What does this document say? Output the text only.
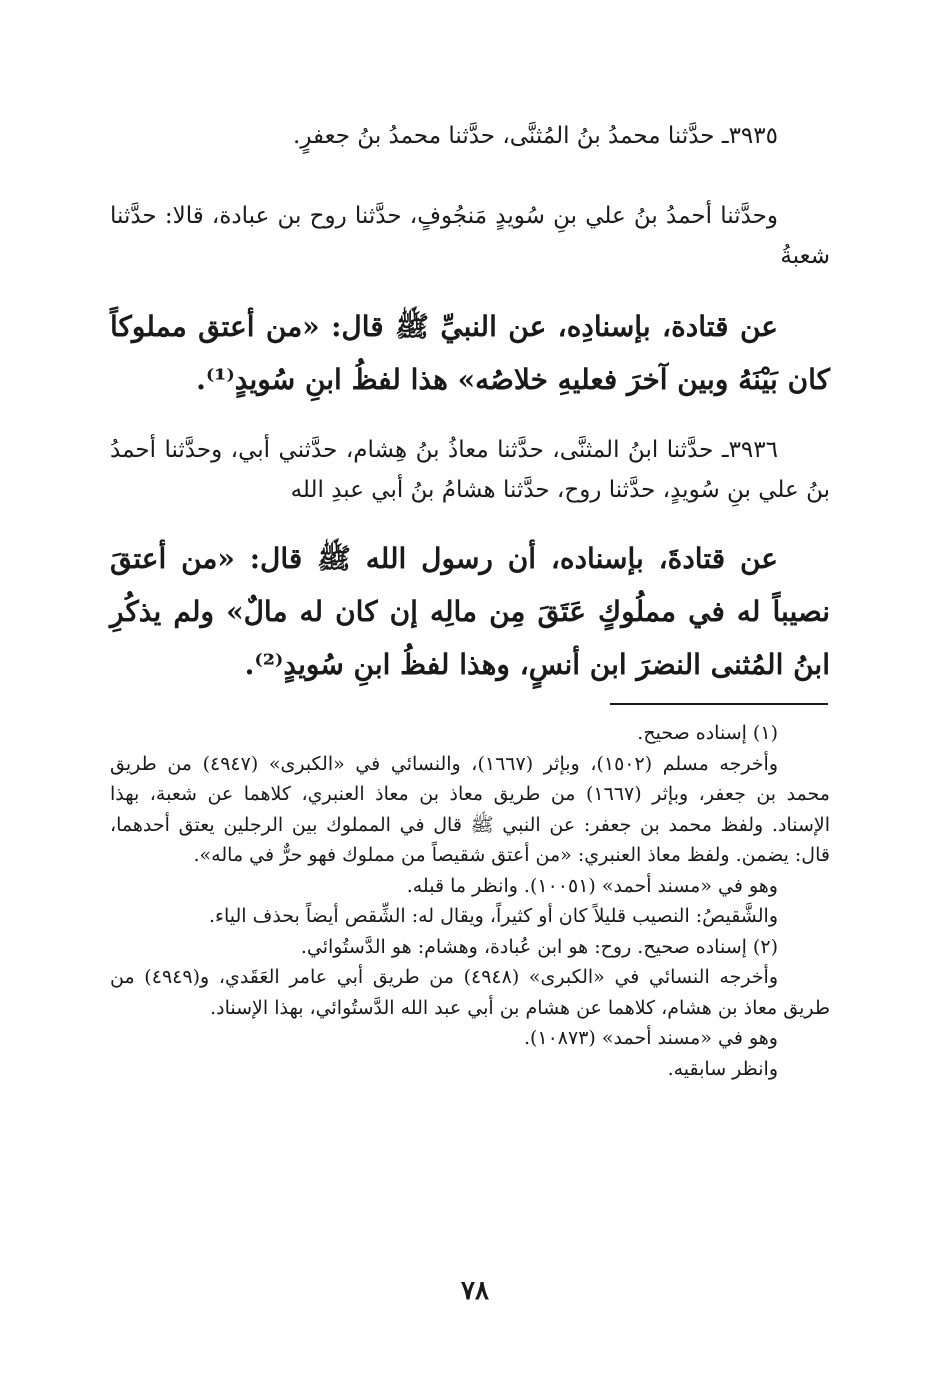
٣٩٣٥ـ حدَّثنا محمدُ بنُ المُثنَّى، حدَّثنا محمدُ بنُ جعفرٍ.

وحدَّثنا أحمدُ بنُ علي بنِ سُويدٍ مَنجُوفٍ، حدَّثنا روح بن عبادة، قالا: حدَّثنا شعبةُ

عن قتادة، بإسنادِه، عن النبيِّ ﷺ قال: «من أعتق مملوكاً كان بَيْنَهُ وبين آخرَ فعليهِ خلاصُه» هذا لفظُ ابنِ سُويدٍ⁽¹⁾.

٣٩٣٦ـ حدَّثنا ابنُ المثنَّى، حدَّثنا معاذُ بنُ هِشام، حدَّثني أبي، وحدَّثنا أحمدُ بنُ علي بنِ سُويدٍ، حدَّثنا روح، حدَّثنا هشامُ بنُ أبي عبدِ الله

عن قتادةَ، بإسناده، أن رسول الله ﷺ قال: «من أعتقَ نصيباً له في مملُوكٍ عَتَقَ مِن مالِه إن كان له مالٌ» ولم يذكُرِ ابنُ المُثنى النضرَ ابن أنسٍ، وهذا لفظُ ابنِ سُويدٍ⁽²⁾.

(١) إسناده صحيح.

وأخرجه مسلم (١٥٠٢)، وبإثر (١٦٦٧)، والنسائي في «الكبرى» (٤٩٤٧) من طريق محمد بن جعفر، وبإثر (١٦٦٧) من طريق معاذ بن معاذ العنبري، كلاهما عن شعبة، بهذا الإسناد. ولفظ محمد بن جعفر: عن النبي ﷺ قال في المملوك بين الرجلين يعتق أحدهما، قال: يضمن. ولفظ معاذ العنبري: «من أعتق شقيصاً من مملوك فهو حرٌّ في ماله».

وهو في «مسند أحمد» (١٠٠٥١). وانظر ما قبله.

والشَّقيصُ: النصيب قليلاً كان أو كثيراً، ويقال له: الشِّقص أيضاً بحذف الياء.

(٢) إسناده صحيح. روح: هو ابن عُبادة، وهشام: هو الدَّستُوائي.

وأخرجه النسائي في «الكبرى» (٤٩٤٨) من طريق أبي عامر العَقَدي، و(٤٩٤٩) من طريق معاذ بن هشام، كلاهما عن هشام بن أبي عبد الله الدَّستُوائي، بهذا الإسناد.

وهو في «مسند أحمد» (١٠٨٧٣).

وانظر سابقيه.

٧٨
